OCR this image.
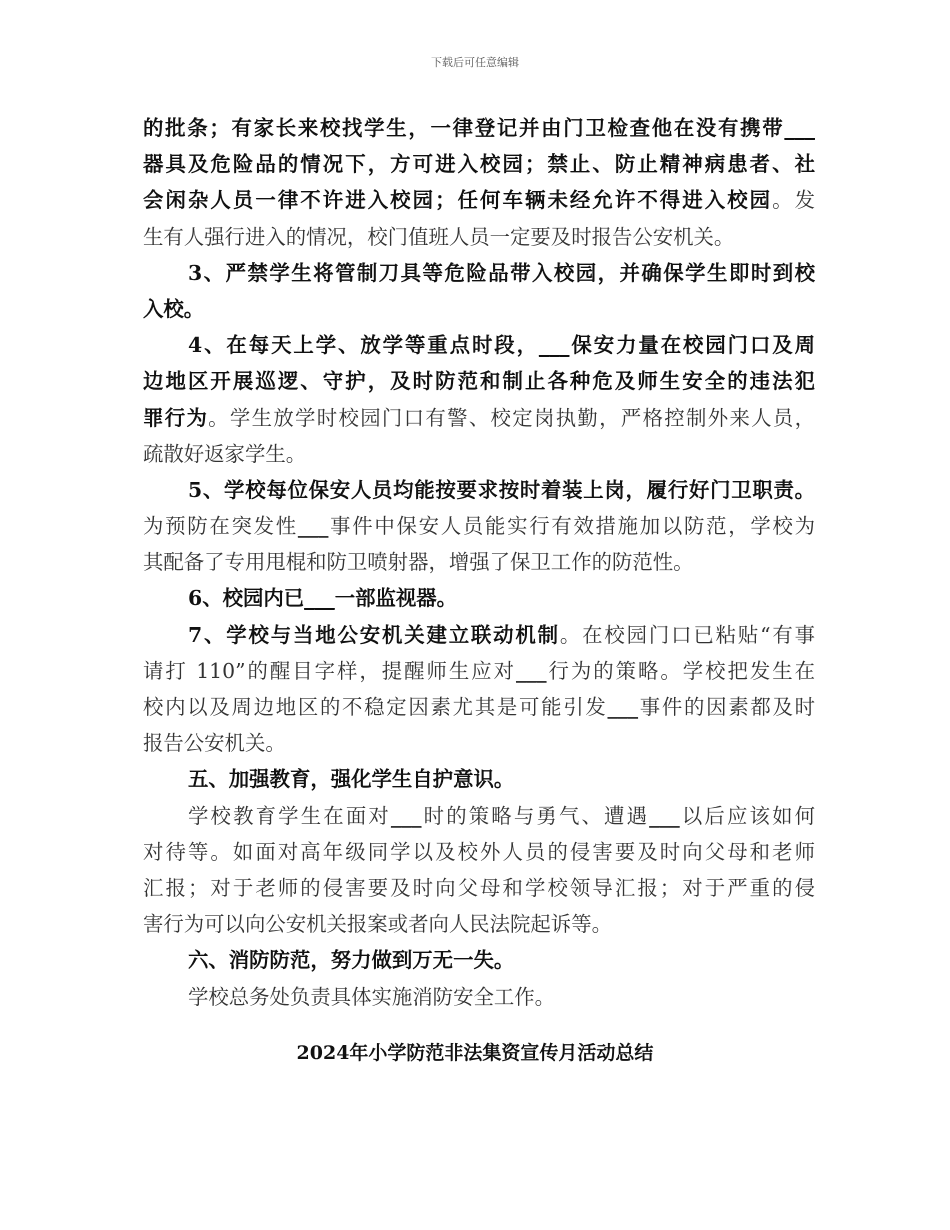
下载后可任意编辑
的批条；有家长来校找学生，一律登记并由门卫检查他在没有携带___
器具及危险品的情况下，方可进入校园；禁止、防止精神病患者、社
会闲杂人员一律不许进入校园；任何车辆未经允许不得进入校园。发
生有人强行进入的情况，校门值班人员一定要及时报告公安机关。
3、严禁学生将管制刀具等危险品带入校园，并确保学生即时到校
入校。
4、在每天上学、放学等重点时段，___保安力量在校园门口及周
边地区开展巡逻、守护，及时防范和制止各种危及师生安全的违法犯
罪行为。学生放学时校园门口有警、校定岗执勤，严格控制外来人员，
疏散好返家学生。
5、学校每位保安人员均能按要求按时着装上岗，履行好门卫职责。
为预防在突发性___事件中保安人员能实行有效措施加以防范，学校为
其配备了专用甩棍和防卫喷射器，增强了保卫工作的防范性。
6、校园内已___一部监视器。
7、学校与当地公安机关建立联动机制。在校园门口已粘贴“有事
请打 110”的醒目字样，提醒师生应对___行为的策略。学校把发生在
校内以及周边地区的不稳定因素尤其是可能引发___事件的因素都及时
报告公安机关。
五、加强教育，强化学生自护意识。
学校教育学生在面对___时的策略与勇气、遭遇___以后应该如何
对待等。如面对高年级同学以及校外人员的侵害要及时向父母和老师
汇报；对于老师的侵害要及时向父母和学校领导汇报；对于严重的侵
害行为可以向公安机关报案或者向人民法院起诉等。
六、消防防范，努力做到万无一失。
学校总务处负责具体实施消防安全工作。
2024年小学防范非法集资宣传月活动总结
